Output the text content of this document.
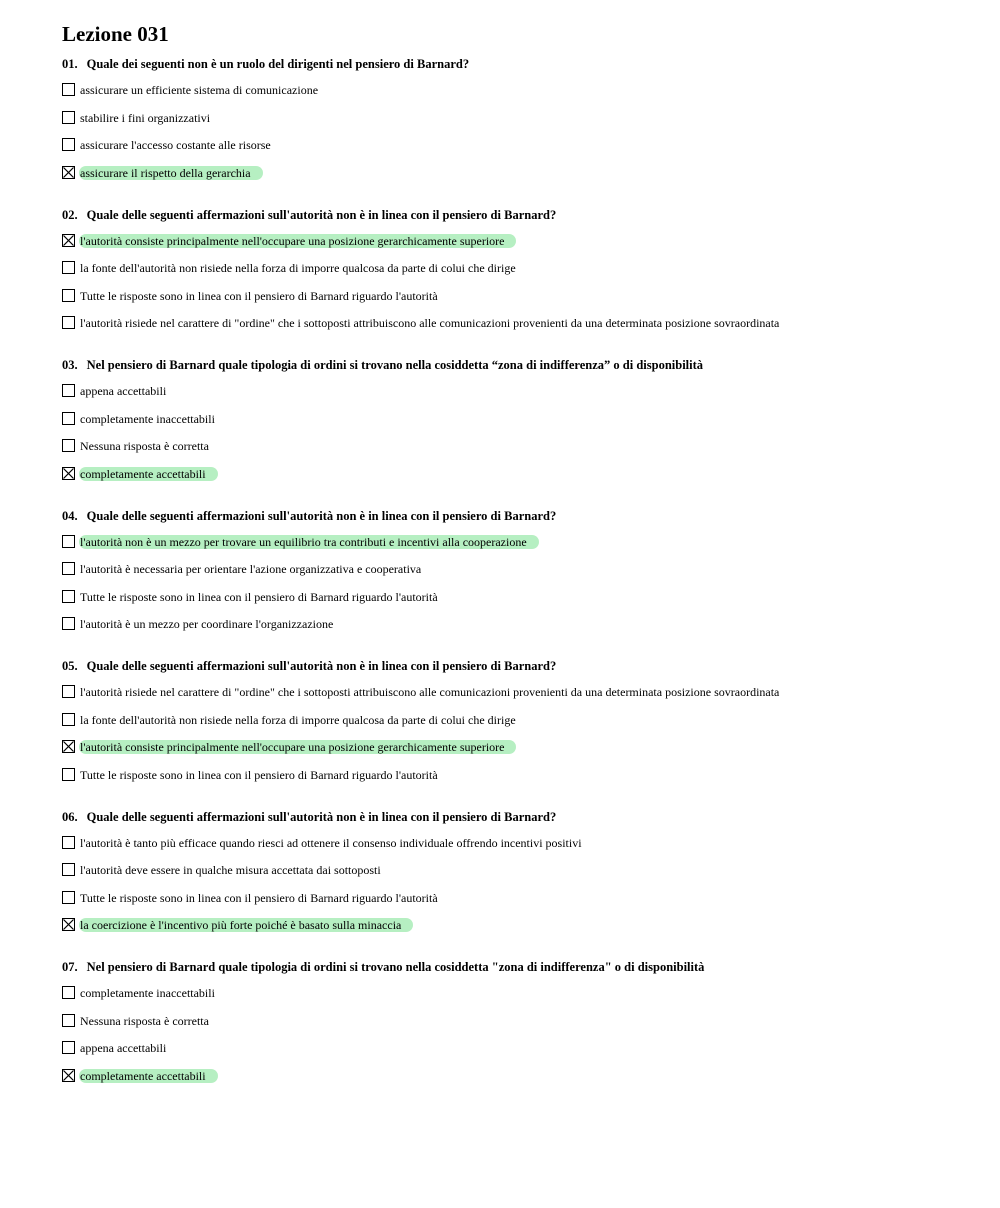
Lezione 031
01. Quale dei seguenti non è un ruolo del dirigenti nel pensiero di Barnard?
assicurare un efficiente sistema di comunicazione
stabilire i fini organizzativi
assicurare l'accesso costante alle risorse
assicurare il rispetto della gerarchia
02. Quale delle seguenti affermazioni sull'autorità non è in linea con il pensiero di Barnard?
l'autorità consiste principalmente nell'occupare una posizione gerarchicamente superiore
la fonte dell'autorità non risiede nella forza di imporre qualcosa da parte di colui che dirige
Tutte le risposte sono in linea con il pensiero di Barnard riguardo l'autorità
l'autorità risiede nel carattere di "ordine" che i sottoposti attribuiscono alle comunicazioni provenienti da una determinata posizione sovraordinata
03. Nel pensiero di Barnard quale tipologia di ordini si trovano nella cosiddetta “zona di indifferenza” o di disponibilità
appena accettabili
completamente inaccettabili
Nessuna risposta è corretta
completamente accettabili
04. Quale delle seguenti affermazioni sull'autorità non è in linea con il pensiero di Barnard?
l'autorità non è un mezzo per trovare un equilibrio tra contributi e incentivi alla cooperazione
l'autorità è necessaria per orientare l'azione organizzativa e cooperativa
Tutte le risposte sono in linea con il pensiero di Barnard riguardo l'autorità
l'autorità è un mezzo per coordinare l'organizzazione
05. Quale delle seguenti affermazioni sull'autorità non è in linea con il pensiero di Barnard?
l'autorità risiede nel carattere di "ordine" che i sottoposti attribuiscono alle comunicazioni provenienti da una determinata posizione sovraordinata
la fonte dell'autorità non risiede nella forza di imporre qualcosa da parte di colui che dirige
l'autorità consiste principalmente nell'occupare una posizione gerarchicamente superiore
Tutte le risposte sono in linea con il pensiero di Barnard riguardo l'autorità
06. Quale delle seguenti affermazioni sull'autorità non è in linea con il pensiero di Barnard?
l'autorità è tanto più efficace quando riesci ad ottenere il consenso individuale offrendo incentivi positivi
l'autorità deve essere in qualche misura accettata dai sottoposti
Tutte le risposte sono in linea con il pensiero di Barnard riguardo l'autorità
la coercizione è l'incentivo più forte poiché è basato sulla minaccia
07. Nel pensiero di Barnard quale tipologia di ordini si trovano nella cosiddetta "zona di indifferenza" o di disponibilità
completamente inaccettabili
Nessuna risposta è corretta
appena accettabili
completamente accettabili
